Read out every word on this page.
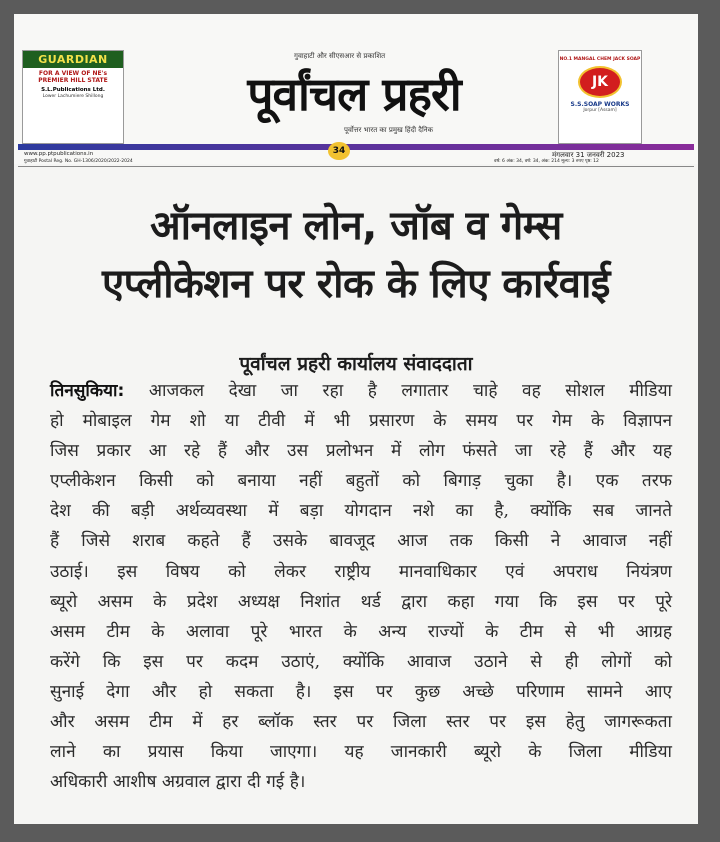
GUARDIAN
FOR A VIEW OF NE's PREMIER HILL STATE
S.L.Publications Ltd.
Lower Lachumiere Shillong
गुवाहाटी और सीएसआर से प्रकाशित
पूर्वांचल प्रहरी
पूर्वोत्तर भारत का प्रमुख हिंदी दैनिक
NO.1 MANGAL CHEM JACK SOAP
JK
S.S.SOAP WORKS
Jorpur [Assam]
www.pp.ptpublications.in
गुवाहाटी Postal Reg. No. GH-1306/2020/2022-2024
34	मंगलवार 31 जनवरी 2023
वर्ष: 6 अंक: 34, वर्ष: 34, अंक: 214 मूल्य: 3 रुपए पृष्ठ: 12
ऑनलाइन लोन, जॉब व गेम्स
एप्लीकेशन पर रोक के लिए कार्रवाई
पूर्वांचल प्रहरी कार्यालय संवाददाता
तिनसुकिया: आजकल देखा जा रहा है लगातार चाहे वह सोशल मीडिया
हो मोबाइल गेम शो या टीवी में भी प्रसारण के समय पर गेम के विज्ञापन
जिस प्रकार आ रहे हैं और उस प्रलोभन में लोग फंसते जा रहे हैं और यह
एप्लीकेशन किसी को बनाया नहीं बहुतों को बिगाड़ चुका है। एक तरफ
देश की बड़ी अर्थव्यवस्था में बड़ा योगदान नशे का है, क्योंकि सब जानते
हैं जिसे शराब कहते हैं उसके बावजूद आज तक किसी ने आवाज नहीं
उठाई। इस विषय को लेकर राष्ट्रीय मानवाधिकार एवं अपराध नियंत्रण
ब्यूरो असम के प्रदेश अध्यक्ष निशांत थर्ड द्वारा कहा गया कि इस पर पूरे
असम टीम के अलावा पूरे भारत के अन्य राज्यों के टीम से भी आग्रह
करेंगे कि इस पर कदम उठाएं, क्योंकि आवाज उठाने से ही लोगों को
सुनाई देगा और हो सकता है। इस पर कुछ अच्छे परिणाम सामने आए
और असम टीम में हर ब्लॉक स्तर पर जिला स्तर पर इस हेतु जागरूकता
लाने का प्रयास किया जाएगा। यह जानकारी ब्यूरो के जिला मीडिया
अधिकारी आशीष अग्रवाल द्वारा दी गई है।
